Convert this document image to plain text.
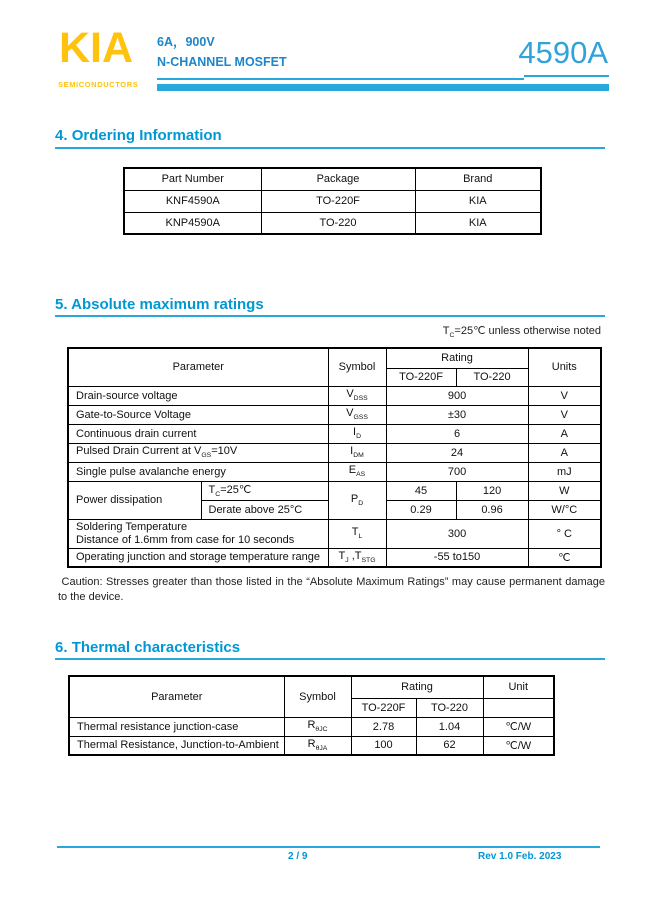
KIA
SEMICONDUCTORS
6A，900V
N-CHANNEL MOSFET	4590A
4. Ordering Information
Part Number	Package	Brand
KNF4590A	TO-220F	KIA
KNP4590A	TO-220	KIA
5. Absolute maximum ratings
$T_C=25℃$ unless otherwise noted
Parameter		Symbol	Rating		Units
			TO-220F	TO-220	
Drain-source voltage		$V_{DSS}$	900		V
Gate-to-Source Voltage		$V_{GSS}$	±30		V
Continuous drain current		$I_D$	6		A
Pulsed Drain Current at $V_{GS}=10V$		$I_{DM}$	24		A
Single pulse avalanche energy		$E_{AS}$	700		mJ
Power dissipation	$T_C=25℃$	$P_D$	45	120	W
	Derate above 25°C		0.29	0.96	W/°C

Soldering Temperature
Distance of 1.6mm from case for 10 seconds		$T_L$	300		° C
Operating junction and storage temperature range		$T_J$ $,T_{STG}$	-55 to150		℃
Caution: Stresses greater than those listed in the “Absolute Maximum Ratings” may cause permanent damage to the device.
6. Thermal characteristics
Parameter	Symbol	Rating		Unit
		TO-220F	TO-220	
Thermal resistance junction-case	$R_{\theta JC}$	2.78	1.04	℃/W
Thermal Resistance, Junction-to-Ambient	$R_{\theta JA}$	100	62	℃/W
2 / 9	Rev 1.0 Feb. 2023
